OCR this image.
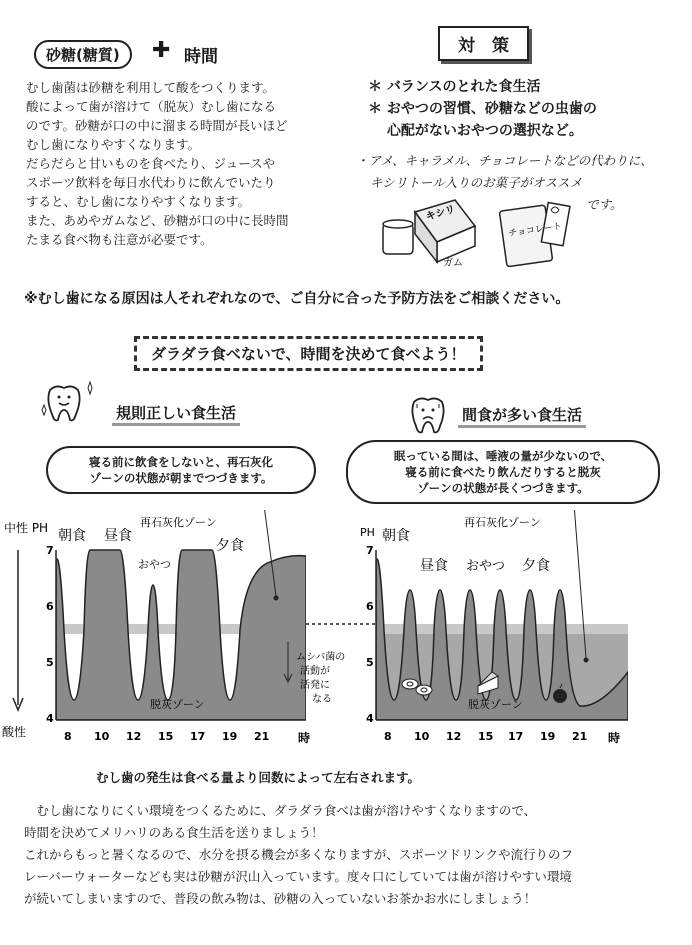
砂糖(糖質)	✚ 時間
むし歯菌は砂糖を利用して酸をつくります。
酸によって歯が溶けて（脱灰）むし歯になる
のです。砂糖が口の中に溜まる時間が長いほど
むし歯になりやすくなります。
だらだらと甘いものを食べたり、ジュースや
スポーツ飲料を毎日水代わりに飲んでいたり
すると、むし歯になりやすくなります。
また、あめやガムなど、砂糖が口の中に長時間
たまる食べ物も注意が必要です。
対　策
＊ バランスのとれた食生活
＊ おやつの習慣、砂糖などの虫歯の
　 心配がないおやつの選択など。
・アメ、キャラメル、チョコレートなどの代わりに、
キシリトール入りのお菓子がオススメ
です。
キシリ
ガム
チョコレート
※むし歯になる原因は人それぞれなので、ご自分に合った予防方法をご相談ください。
ダラダラ食べないで、時間を決めて食べよう！
規則正しい食生活
寝る前に飲食をしないと、再石灰化
ゾーンの状態が朝までつづきます。
間食が多い食生活
眠っている間は、唾液の量が少ないので、
寝る前に食べたり飲んだりすると脱灰
ゾーンの状態が長くつづきます。
7
6
5
4
8 10 12 15 17 19 21
再石灰化ゾーン
脱灰ゾーン
朝食 昼食
おやつ
夕食
中性 PH
酸性
ムシバ菌の
活動が
活発に
なる
7
6
5
4
8 10 12 15 17 19 21 時
時
再石灰化ゾーン
脱灰ゾーン
PH 朝食
昼食 おやつ 夕食
むし歯の発生は食べる量より回数によって左右されます。
　むし歯になりにくい環境をつくるために、ダラダラ食べは歯が溶けやすくなりますので、
時間を決めてメリハリのある食生活を送りましょう！
これからもっと暑くなるので、水分を摂る機会が多くなりますが、スポーツドリンクや流行りのフ
レーバーウォーターなども実は砂糖が沢山入っています。度々口にしていては歯が溶けやすい環境
が続いてしまいますので、普段の飲み物は、砂糖の入っていないお茶かお水にしましょう！
